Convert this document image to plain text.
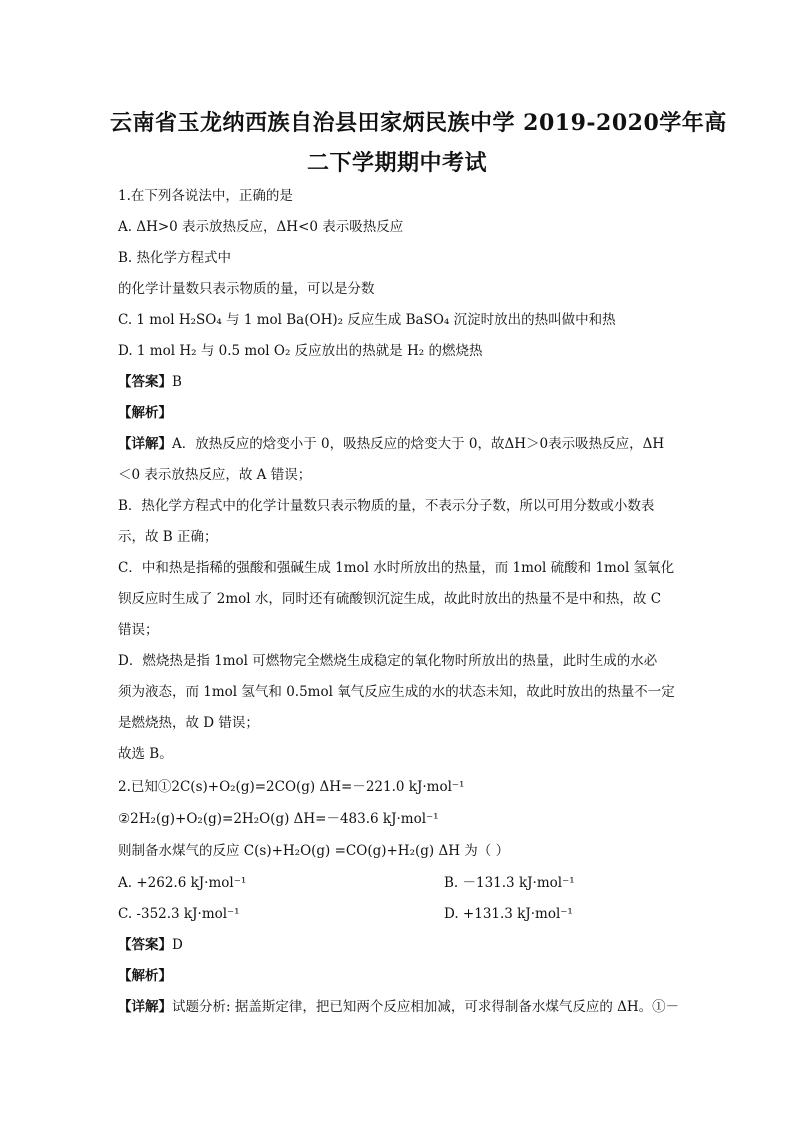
云南省玉龙纳西族自治县田家炳民族中学 2019-2020学年高
二下学期期中考试
1.在下列各说法中，正确的是
A. ΔH>0 表示放热反应，ΔH<0 表示吸热反应
B. 热化学方程式中
的化学计量数只表示物质的量，可以是分数
C. 1 mol H₂SO₄ 与 1 mol Ba(OH)₂ 反应生成 BaSO₄ 沉淀时放出的热叫做中和热
D. 1 mol H₂ 与 0.5 mol O₂ 反应放出的热就是 H₂ 的燃烧热
【答案】B
【解析】
【详解】A．放热反应的焓变小于 0，吸热反应的焓变大于 0，故ΔH＞0表示吸热反应，ΔH
＜0 表示放热反应，故 A 错误；
B．热化学方程式中的化学计量数只表示物质的量，不表示分子数，所以可用分数或小数表
示，故 B 正确；
C．中和热是指稀的强酸和强碱生成 1mol 水时所放出的热量，而 1mol 硫酸和 1mol 氢氧化
钡反应时生成了 2mol 水，同时还有硫酸钡沉淀生成，故此时放出的热量不是中和热，故 C
错误；
D．燃烧热是指 1mol 可燃物完全燃烧生成稳定的氧化物时所放出的热量，此时生成的水必
须为液态，而 1mol 氢气和 0.5mol 氧气反应生成的水的状态未知，故此时放出的热量不一定
是燃烧热，故 D 错误；
故选 B。
2.已知①2C(s)+O₂(g)=2CO(g) ΔH=－221.0 kJ·mol⁻¹
②2H₂(g)+O₂(g)=2H₂O(g) ΔH=－483.6 kJ·mol⁻¹
则制备水煤气的反应 C(s)+H₂O(g) =CO(g)+H₂(g) ΔH 为（ ）
A. +262.6 kJ·mol⁻¹	B. －131.3 kJ·mol⁻¹
C. -352.3 kJ·mol⁻¹	D. +131.3 kJ·mol⁻¹
【答案】D
【解析】
【详解】试题分析: 据盖斯定律，把已知两个反应相加减，可求得制备水煤气反应的 ΔH。①－
